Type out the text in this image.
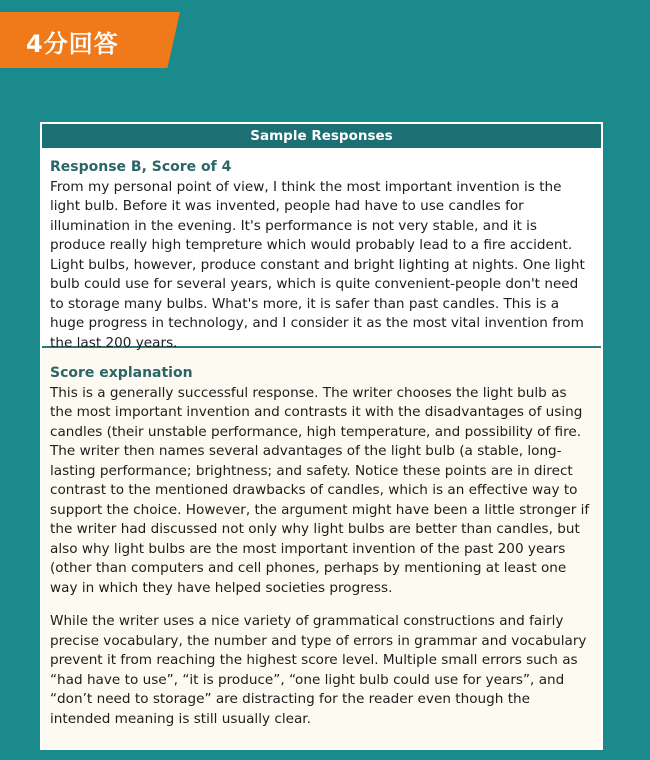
4分回答
Sample Responses
Response B, Score of 4

From my personal point of view, I think the most important invention is the light bulb. Before it was invented, people had have to use candles for illumination in the evening. It's performance is not very stable, and it is produce really high tempreture which would probably lead to a fire accident. Light bulbs, however, produce constant and bright lighting at nights. One light bulb could use for several years, which is quite convenient-people don't need to storage many bulbs. What's more, it is safer than past candles. This is a huge progress in technology, and I consider it as the most vital invention from the last 200 years.

Score explanation

This is a generally successful response. The writer chooses the light bulb as the most important invention and contrasts it with the disadvantages of using candles (their unstable performance, high temperature, and possibility of fire. The writer then names several advantages of the light bulb (a stable, long-lasting performance; brightness; and safety. Notice these points are in direct contrast to the mentioned drawbacks of candles, which is an effective way to support the choice. However, the argument might have been a little stronger if the writer had discussed not only why light bulbs are better than candles, but also why light bulbs are the most important invention of the past 200 years (other than computers and cell phones, perhaps by mentioning at least one way in which they have helped societies progress.

While the writer uses a nice variety of grammatical constructions and fairly precise vocabulary, the number and type of errors in grammar and vocabulary prevent it from reaching the highest score level. Multiple small errors such as “had have to use”, “it is produce”, “one light bulb could use for years”, and “don’t need to storage” are distracting for the reader even though the intended meaning is still usually clear.
